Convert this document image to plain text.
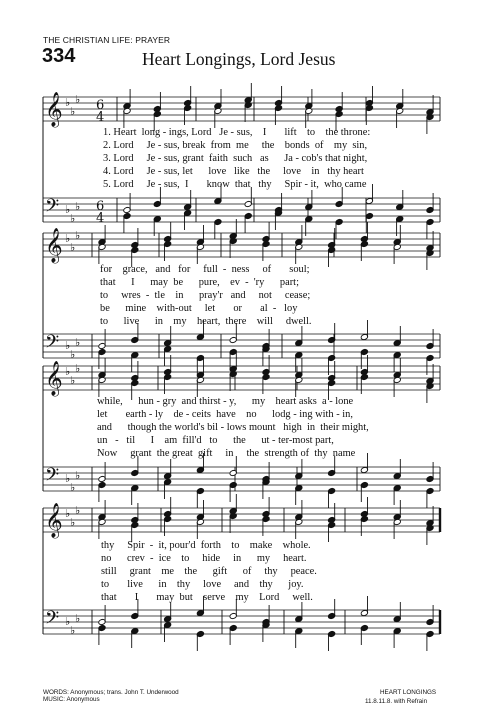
THE CHRISTIAN LIFE: PRAYER
334	Heart Longings, Lord Jesus
𝄞
𝄢
♭
♭
♭
♭
♭
♭
6
4
6
4
𝄞
𝄢
♭
♭
♭
♭
♭
♭
𝄞
𝄢
♭
♭
♭
♭
♭
♭
𝄞
𝄢
♭
♭
♭
♭
♭
♭
1. Heart  long - ings, Lord   Je - sus,    I       lift    to    the throne:
2. Lord     Je - sus, break  from  me     the    bonds  of    my  sin,
3. Lord     Je - sus, grant  faith  such   as      Ja - cob's that night,
4. Lord     Je - sus, let      love   like   the     love    in   thy heart
5. Lord     Je - sus,  I       know  that   thy     Spir - it,  who came
for    grace,   and   for     full  -  ness     of       soul;
that      I      may  be      pure,    ev  -  'ry      part;
to     wres  -  tle    in      pray'r   and     not     cease;
be      mine    with-out     let       or       al  -   loy
to      live      in    my    heart,  there    will     dwell.
while,      hun - gry  and thirst - y,      my    heart asks  a - lone
let       earth - ly    de - ceits  have    no      lodg - ing with - in,
and      though the world's bil - lows mount   high  in  their might,
un   -   til      I    am  fill'd   to      the      ut - ter-most part,
Now     grant  the great  gift     in     the  strength of  thy  name
thy     Spir  -  it, pour'd  forth    to    make    whole.
no      crev  -  ice    to     hide     in      my     heart.
still     grant    me    the      gift      of     thy     peace.
to       live      in    thy     love     and    thy      joy.
that       I       may  but    serve    my    Lord     well.
WORDS: Anonymous; trans. John T. Underwood
MUSIC: Anonymous
HEART LONGINGS
11.8.11.8. with Refrain
